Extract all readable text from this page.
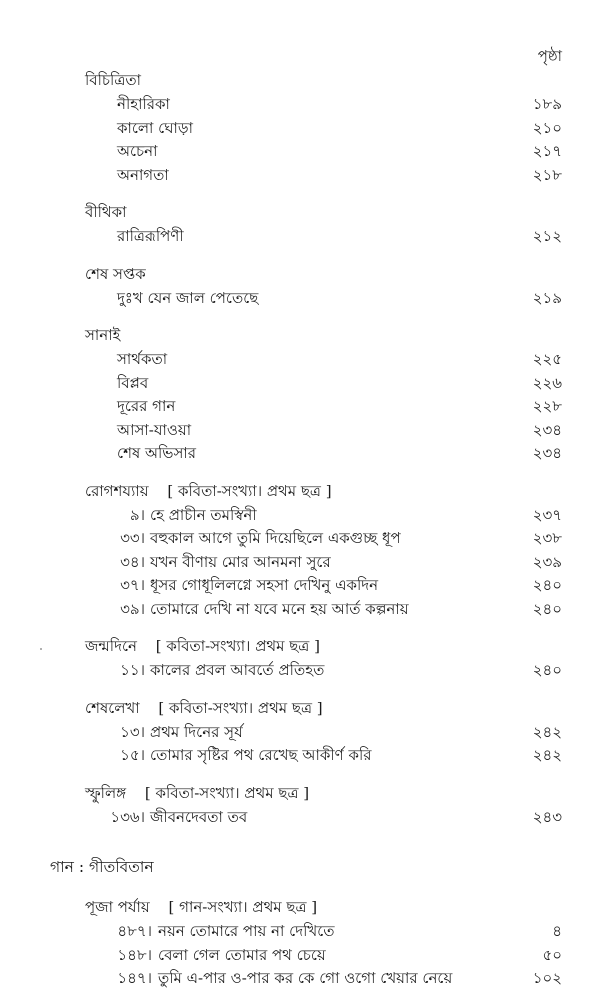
পৃষ্ঠা
বিচিত্রিতা
নীহারিকা	১৮৯
কালো ঘোড়া	২১০
অচেনা	২১৭
অনাগতা	২১৮
বীথিকা
রাত্রিরূপিণী	২১২
শেষ সপ্তক
দুঃখ যেন জাল পেতেছে	২১৯
সানাই
সার্থকতা	২২৫
বিপ্লব	২২৬
দূরের গান	২২৮
আসা-যাওয়া	২৩৪
শেষ অভিসার	২৩৪
রোগশয্যায় [ কবিতা-সংখ্যা। প্রথম ছত্র ]
৯। হে প্রাচীন তমস্বিনী	২৩৭
৩৩। বহুকাল আগে তুমি দিয়েছিলে একগুচ্ছ ধূপ	২৩৮
৩৪। যখন বীণায় মোর আনমনা সুরে	২৩৯
৩৭। ধূসর গোধূলিলগ্নে সহসা দেখিনু একদিন	২৪০
৩৯। তোমারে দেখি না যবে মনে হয় আর্ত কল্পনায়	২৪০
জন্মদিনে [ কবিতা-সংখ্যা। প্রথম ছত্র ]
১১। কালের প্রবল আবর্তে প্রতিহত	২৪০
শেষলেখা [ কবিতা-সংখ্যা। প্রথম ছত্র ]
১৩। প্রথম দিনের সূর্য	২৪২
১৫। তোমার সৃষ্টির পথ রেখেছ আকীর্ণ করি	২৪২
স্ফুলিঙ্গ [ কবিতা-সংখ্যা। প্রথম ছত্র ]
১৩৬। জীবনদেবতা তব	২৪৩
গান : গীতবিতান
পূজা পর্যায় [ গান-সংখ্যা। প্রথম ছত্র ]
৪৮৭। নয়ন তোমারে পায় না দেখিতে	৪
১৪৮। বেলা গেল তোমার পথ চেয়ে	৫০
১৪৭। তুমি এ-পার ও-পার কর কে গো ওগো খেয়ার নেয়ে	১০২
